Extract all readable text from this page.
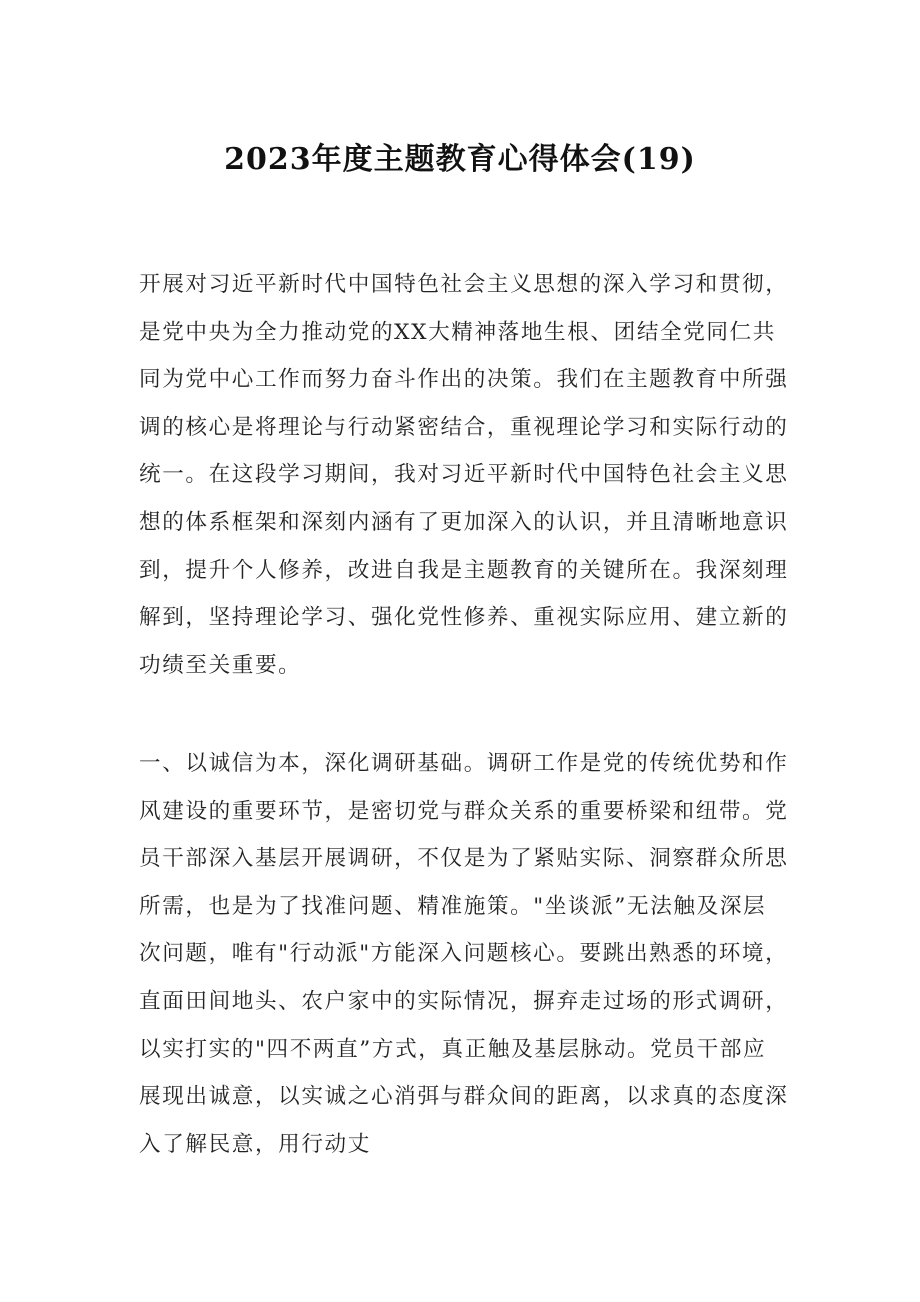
2023年度主题教育心得体会(19)
开展对习近平新时代中国特色社会主义思想的深入学习和贯彻，
是党中央为全力推动党的XX大精神落地生根、团结全党同仁共
同为党中心工作而努力奋斗作出的决策。我们在主题教育中所强
调的核心是将理论与行动紧密结合，重视理论学习和实际行动的
统一。在这段学习期间，我对习近平新时代中国特色社会主义思
想的体系框架和深刻内涵有了更加深入的认识，并且清晰地意识
到，提升个人修养，改进自我是主题教育的关键所在。我深刻理
解到，坚持理论学习、强化党性修养、重视实际应用、建立新的
功绩至关重要。
一、以诚信为本，深化调研基础。调研工作是党的传统优势和作
风建设的重要环节，是密切党与群众关系的重要桥梁和纽带。党
员干部深入基层开展调研，不仅是为了紧贴实际、洞察群众所思
所需，也是为了找准问题、精准施策。"坐谈派”无法触及深层
次问题，唯有"行动派"方能深入问题核心。要跳出熟悉的环境，
直面田间地头、农户家中的实际情况，摒弃走过场的形式调研，
以实打实的"四不两直”方式，真正触及基层脉动。党员干部应
展现出诚意，以实诚之心消弭与群众间的距离，以求真的态度深
入了解民意，用行动丈
